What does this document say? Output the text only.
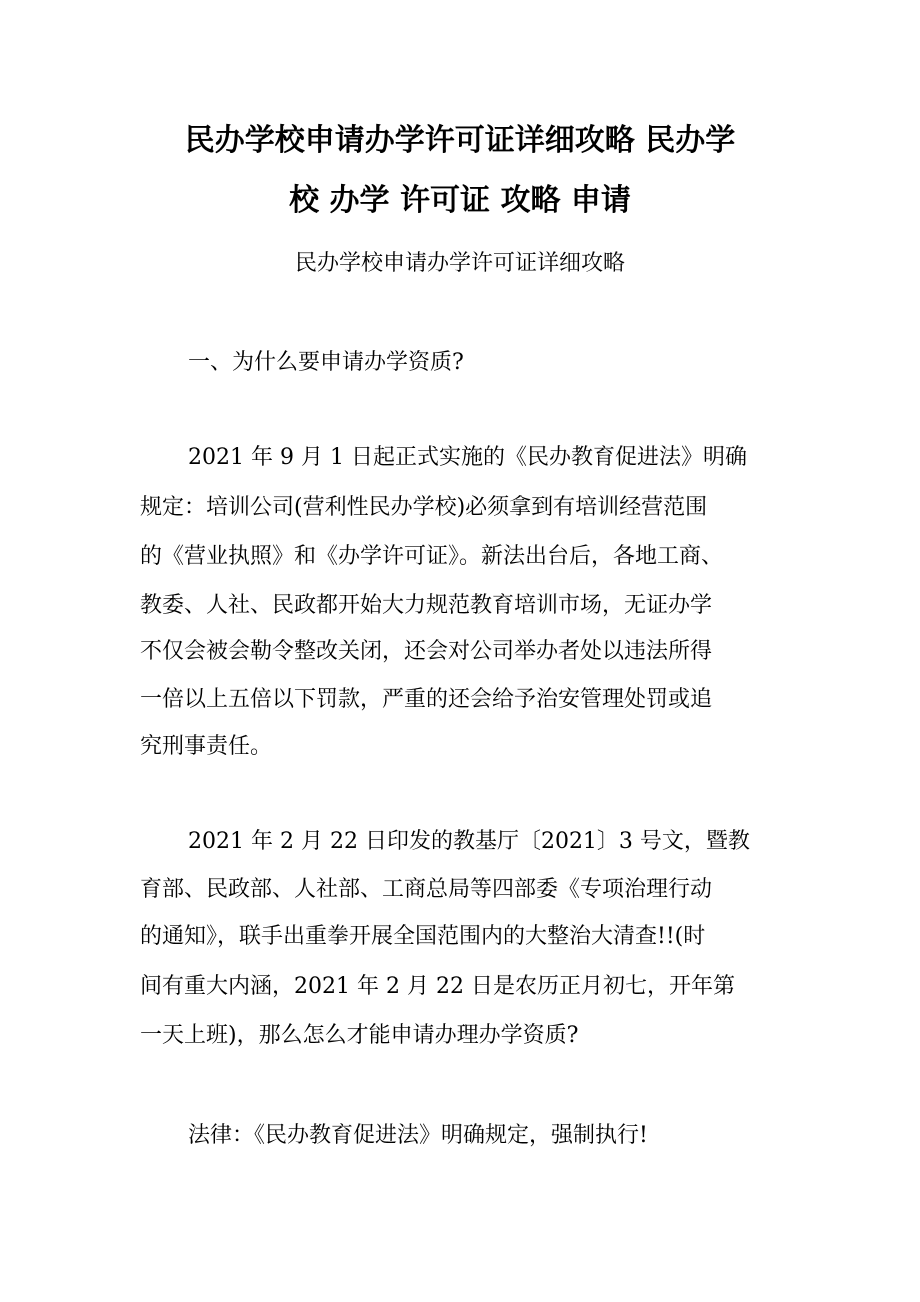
民办学校申请办学许可证详细攻略 民办学
校 办学 许可证 攻略 申请
民办学校申请办学许可证详细攻略
一、为什么要申请办学资质?
2021 年 9 月 1 日起正式实施的《民办教育促进法》明确
规定：培训公司(营利性民办学校)必须拿到有培训经营范围
的《营业执照》和《办学许可证》。新法出台后，各地工商、
教委、人社、民政都开始大力规范教育培训市场，无证办学
不仅会被会勒令整改关闭，还会对公司举办者处以违法所得
一倍以上五倍以下罚款，严重的还会给予治安管理处罚或追
究刑事责任。
2021 年 2 月 22 日印发的教基厅〔2021〕3 号文，暨教
育部、民政部、人社部、工商总局等四部委《专项治理行动
的通知》，联手出重拳开展全国范围内的大整治大清查!!(时
间有重大内涵，2021 年 2 月 22 日是农历正月初七，开年第
一天上班)，那么怎么才能申请办理办学资质?
法律：《民办教育促进法》明确规定，强制执行!
